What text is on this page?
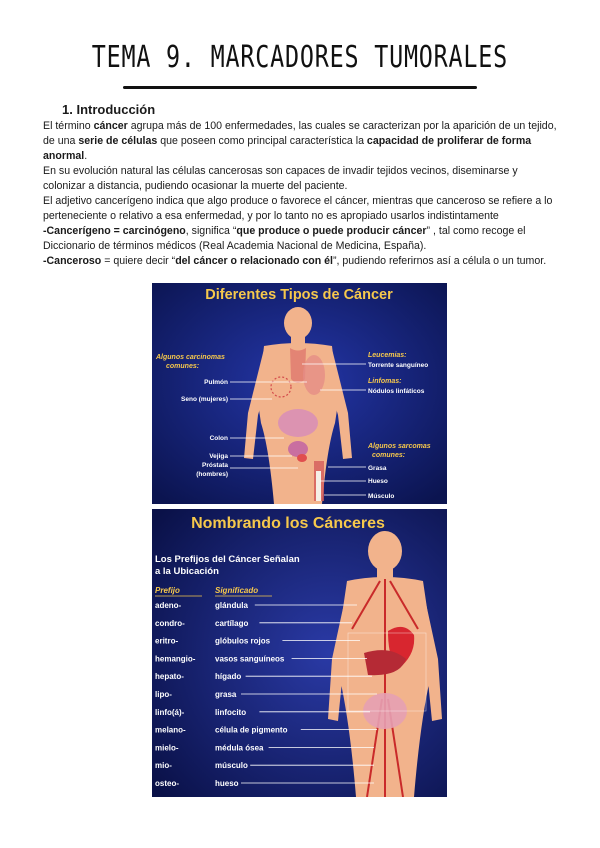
TEMA 9. MARCADORES TUMORALES
1. Introducción

El término cáncer agrupa más de 100 enfermedades, las cuales se caracterizan por la aparición de un tejido, de una serie de células que poseen como principal característica la capacidad de proliferar de forma anormal.

En su evolución natural las células cancerosas son capaces de invadir tejidos vecinos, diseminarse y colonizar a distancia, pudiendo ocasionar la muerte del paciente.

El adjetivo cancerígeno indica que algo produce o favorece el cáncer, mientras que canceroso se refiere a lo perteneciente o relativo a esa enfermedad, y por lo tanto no es apropiado usarlos indistintamente

-Cancerígeno = carcinógeno, significa “que produce o puede producir cáncer” , tal como recoge el Diccionario de términos médicos (Real Academia Nacional de Medicina, España).

-Canceroso = quiere decir “del cáncer o relacionado con él”, pudiendo referirnos así a célula o un tumor.

Diferentes Tipos de Cáncer
Algunos carcinomas
comunes:
Pulmón
Seno (mujeres)
Colon
Vejiga
Próstata
(hombres)
Leucemias:
Torrente sanguíneo
Linfomas:
Nódulos linfáticos
Algunos sarcomas
comunes:
Grasa
Hueso
Músculo
Nombrando los Cánceres
Los Prefijos del Cáncer Señalan
a la Ubicación
Prefijo	Significado
adeno-	glándula
condro-	cartílago
eritro-	glóbulos rojos
hemangio- vasos sanguíneos
hepato-	hígado
lipo-	grasa
linfo(á)-	linfocito
melano-	célula de pigmento
mielo-	médula ósea
mio-	músculo
osteo-	hueso
